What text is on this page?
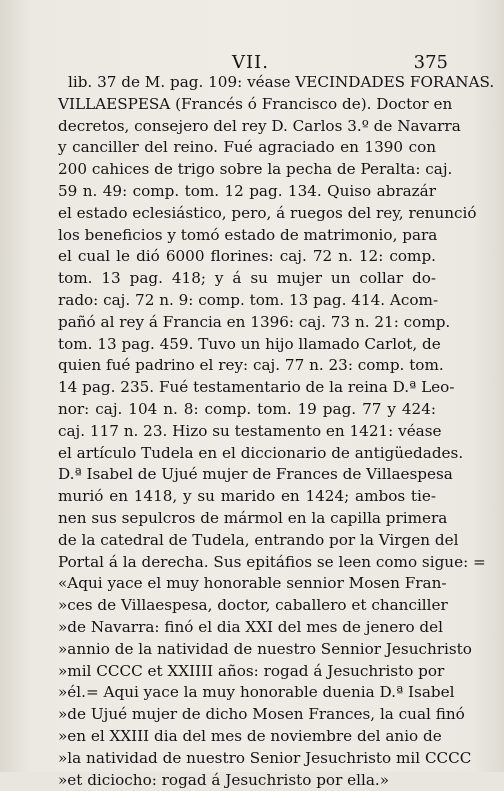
VII.	375
lib. 37 de M. pag. 109: véase VECINDADES FORANAS.
VILLAESPESA (Francés ó Francisco de). Doctor en
decretos, consejero del rey D. Carlos 3.º de Navarra
y canciller del reino. Fué agraciado en 1390 con
200 cahices de trigo sobre la pecha de Peralta: caj.
59 n. 49: comp. tom. 12 pag. 134. Quiso abrazár
el estado eclesiástico, pero, á ruegos del rey, renunció
los beneficios y tomó estado de matrimonio, para
el cual le dió 6000 florines: caj. 72 n. 12: comp.
tom. 13 pag. 418; y á su mujer un collar do-
rado: caj. 72 n. 9: comp. tom. 13 pag. 414. Acom-
pañó al rey á Francia en 1396: caj. 73 n. 21: comp.
tom. 13 pag. 459. Tuvo un hijo llamado Carlot, de
quien fué padrino el rey: caj. 77 n. 23: comp. tom.
14 pag. 235. Fué testamentario de la reina D.ª Leo-
nor: caj. 104 n. 8: comp. tom. 19 pag. 77 y 424:
caj. 117 n. 23. Hizo su testamento en 1421: véase
el artículo Tudela en el diccionario de antigüedades.
D.ª Isabel de Ujué mujer de Frances de Villaespesa
murió en 1418, y su marido en 1424; ambos tie-
nen sus sepulcros de mármol en la capilla primera
de la catedral de Tudela, entrando por la Virgen del
Portal á la derecha. Sus epitáfios se leen como sigue: =
«Aqui yace el muy honorable sennior Mosen Fran-
»ces de Villaespesa, doctor, caballero et chanciller
»de Navarra: finó el dia XXI del mes de jenero del
»annio de la natividad de nuestro Sennior Jesuchristo
»mil CCCC et XXIIII años: rogad á Jesuchristo por
»él.= Aqui yace la muy honorable duenia D.ª Isabel
»de Ujué mujer de dicho Mosen Frances, la cual finó
»en el XXIII dia del mes de noviembre del anio de
»la natividad de nuestro Senior Jesuchristo mil CCCC
»et diciocho: rogad á Jesuchristo por ella.»
